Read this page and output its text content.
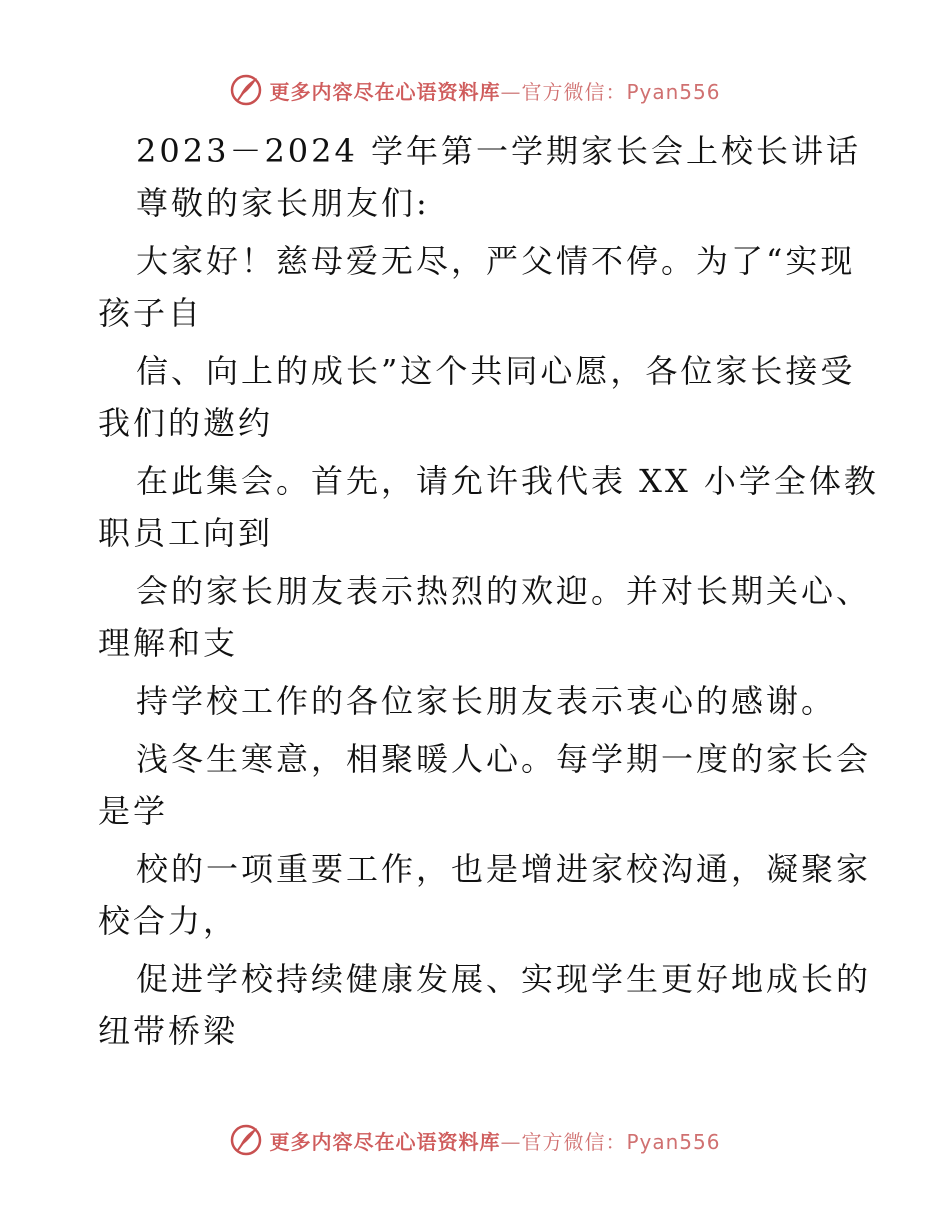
更多内容尽在心语资料库—官方微信：Pyan556
2023－2024 学年第一学期家长会上校长讲话
尊敬的家长朋友们:
大家好！慈母爱无尽，严父情不停。为了“实现
孩子自
信、向上的成长”这个共同心愿，各位家长接受
我们的邀约
在此集会。首先，请允许我代表 XX 小学全体教
职员工向到
会的家长朋友表示热烈的欢迎。并对长期关心、
理解和支
持学校工作的各位家长朋友表示衷心的感谢。
浅冬生寒意，相聚暖人心。每学期一度的家长会
是学
校的一项重要工作，也是增进家校沟通，凝聚家
校合力，
促进学校持续健康发展、实现学生更好地成长的
纽带桥梁
更多内容尽在心语资料库—官方微信：Pyan556
